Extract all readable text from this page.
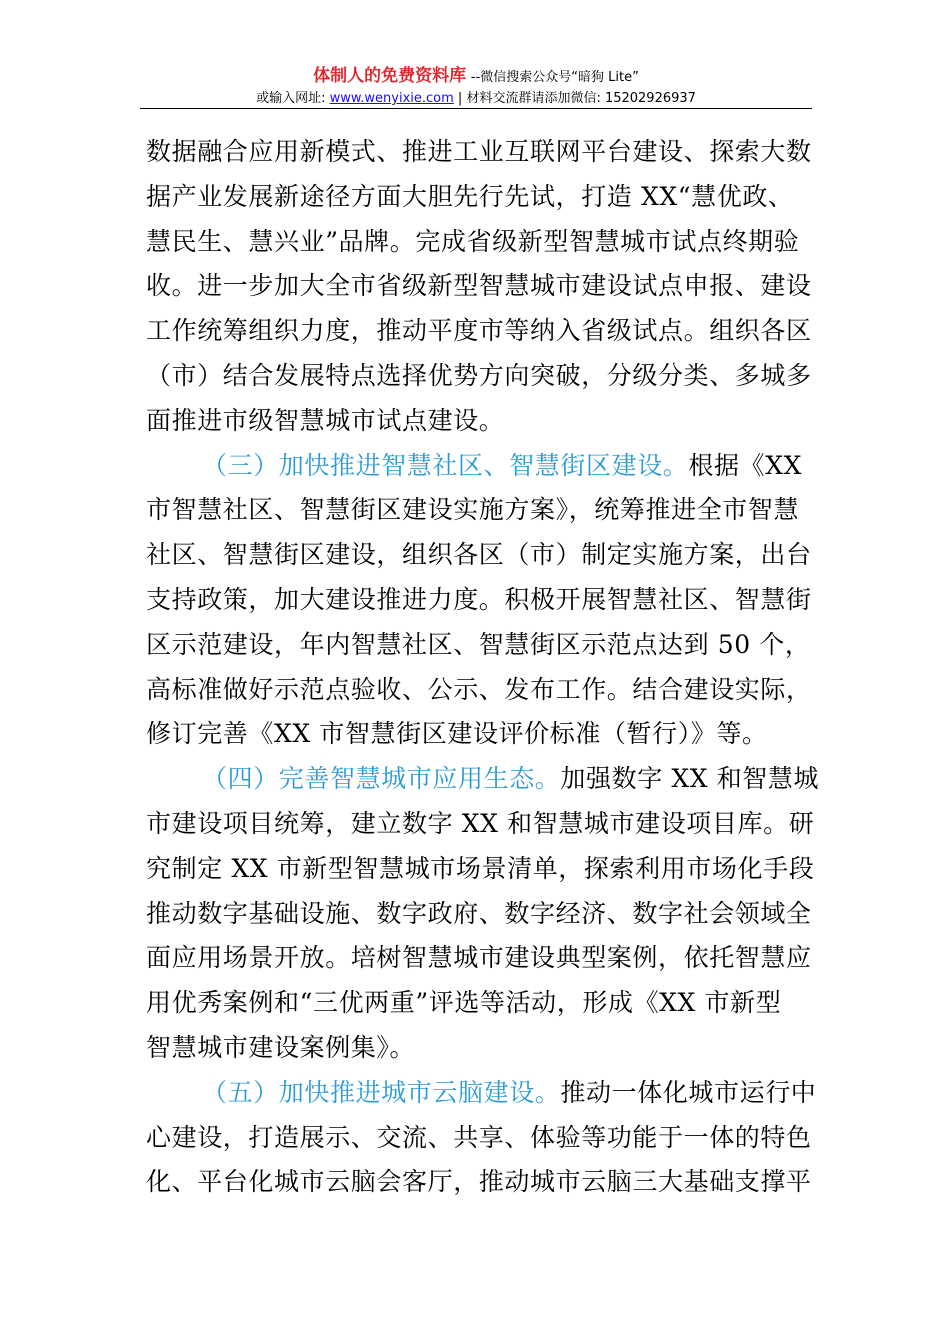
体制人的免费资料库 --微信搜索公众号“暗狗 Lite”
或输入网址: www.wenyixie.com | 材料交流群请添加微信: 15202926937
数据融合应用新模式、推进工业互联网平台建设、探索大数
据产业发展新途径方面大胆先行先试，打造 XX“慧优政、
慧民生、慧兴业”品牌。完成省级新型智慧城市试点终期验
收。进一步加大全市省级新型智慧城市建设试点申报、建设
工作统筹组织力度，推动平度市等纳入省级试点。组织各区
（市）结合发展特点选择优势方向突破，分级分类、多城多
面推进市级智慧城市试点建设。
（三）加快推进智慧社区、智慧街区建设。根据《XX
市智慧社区、智慧街区建设实施方案》，统筹推进全市智慧
社区、智慧街区建设，组织各区（市）制定实施方案，出台
支持政策，加大建设推进力度。积极开展智慧社区、智慧街
区示范建设，年内智慧社区、智慧街区示范点达到 50 个，
高标准做好示范点验收、公示、发布工作。结合建设实际，
修订完善《XX 市智慧街区建设评价标准（暂行）》等。
（四）完善智慧城市应用生态。加强数字 XX 和智慧城
市建设项目统筹，建立数字 XX 和智慧城市建设项目库。研
究制定 XX 市新型智慧城市场景清单，探索利用市场化手段
推动数字基础设施、数字政府、数字经济、数字社会领域全
面应用场景开放。培树智慧城市建设典型案例，依托智慧应
用优秀案例和“三优两重”评选等活动，形成《XX 市新型
智慧城市建设案例集》。
（五）加快推进城市云脑建设。推动一体化城市运行中
心建设，打造展示、交流、共享、体验等功能于一体的特色
化、平台化城市云脑会客厅，推动城市云脑三大基础支撑平
